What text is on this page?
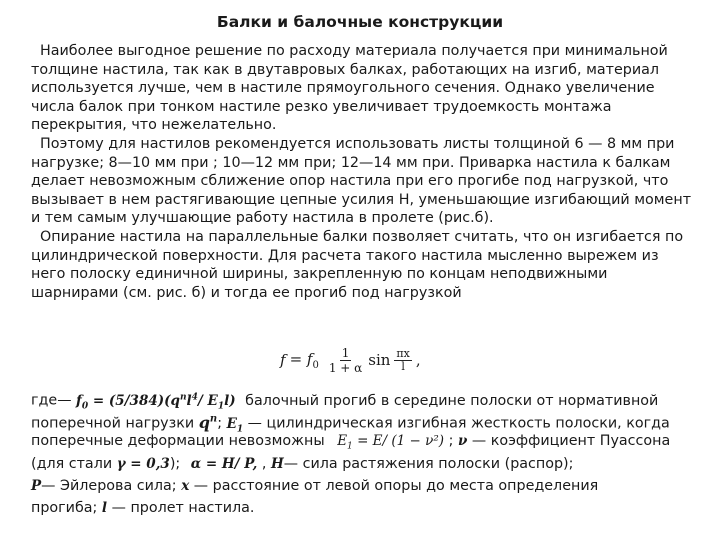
Балки и балочные конструкции
Наиболее выгодное решение по расходу материала получается при минимальной
толщине настила, так как в двутавровых балках, работающих на изгиб, материал
используется лучше, чем в настиле прямоугольного сечения. Однако увеличение
числа балок при тонком настиле резко увеличивает трудоемкость монтажа
перекрытия, что нежелательно.
Поэтому для настилов рекомендуется использовать листы толщиной 6 — 8 мм при
нагрузке; 8—10 мм при ; 10—12 мм при; 12—14 мм при. Приварка настила к балкам
делает невозможным сближение опор настила при его прогибе под нагрузкой, что
вызывает в нем растягивающие цепные усилия Н, уменьшающие изгибающий момент
и тем самым улучшающие работу настила в пролете (рис.б).
Опирание настила на параллельные балки позволяет считать, что он изгибается по
цилиндрической поверхности. Для расчета такого настила мысленно вырежем из
него полоску единичной ширины, закрепленную по концам неподвижными
шарнирами (см. рис. б) и тогда ее прогиб под нагрузкой
$f = f_0 \frac{1}{1 + \alpha}$ $\sin \frac{\pi x}{l}$ ,
где— $f_0 = (5/384)(q^nl^4/$ $E_1l$) балочный прогиб в середине полоски от нормативной
поперечной нагрузки $q^n$; $E_1$ — цилиндрическая изгибная жесткость полоски, когда
поперечные деформации невозможны $E_1 = E/$ (1 − ν²) ; ν — коэффициент Пуассона
(для стали γ = 0,3); α = H/ P, , H— сила растяжения полоски (распор);
P— Эйлерова сила; x — расстояние от левой опоры до места определения
прогиба; l — пролет настила.
